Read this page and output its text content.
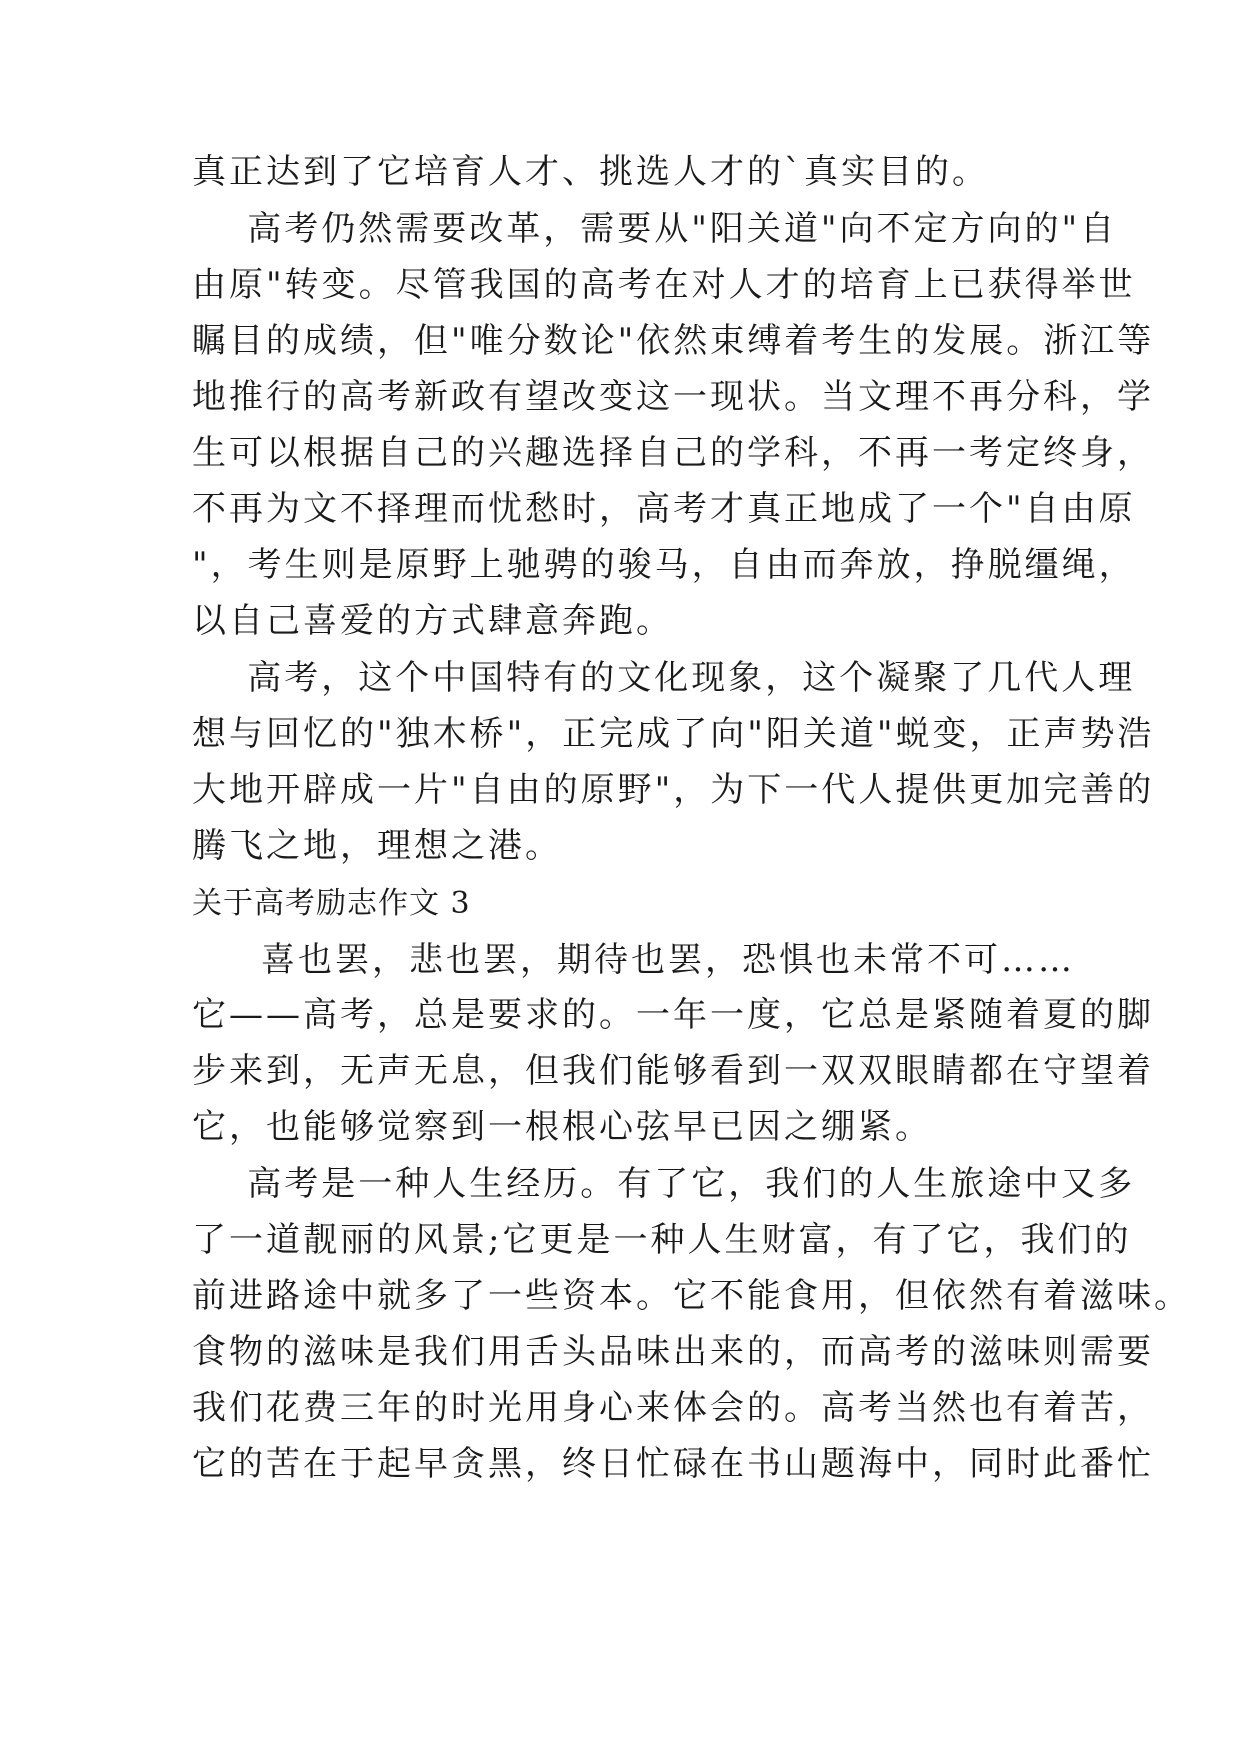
真正达到了它培育人才、挑选人才的`真实目的。
高考仍然需要改革，需要从"阳关道"向不定方向的"自
由原"转变。尽管我国的高考在对人才的培育上已获得举世
瞩目的成绩，但"唯分数论"依然束缚着考生的发展。浙江等
地推行的高考新政有望改变这一现状。当文理不再分科，学
生可以根据自己的兴趣选择自己的学科，不再一考定终身，
不再为文不择理而忧愁时，高考才真正地成了一个"自由原
"，考生则是原野上驰骋的骏马，自由而奔放，挣脱缰绳，
以自己喜爱的方式肆意奔跑。
高考，这个中国特有的文化现象，这个凝聚了几代人理
想与回忆的"独木桥"，正完成了向"阳关道"蜕变，正声势浩
大地开辟成一片"自由的原野"，为下一代人提供更加完善的
腾飞之地，理想之港。
关于高考励志作文 3
喜也罢，悲也罢，期待也罢，恐惧也未常不可……
它——高考，总是要求的。一年一度，它总是紧随着夏的脚
步来到，无声无息，但我们能够看到一双双眼睛都在守望着
它，也能够觉察到一根根心弦早已因之绷紧。
高考是一种人生经历。有了它，我们的人生旅途中又多
了一道靓丽的风景;它更是一种人生财富，有了它，我们的
前进路途中就多了一些资本。它不能食用，但依然有着滋味。
食物的滋味是我们用舌头品味出来的，而高考的滋味则需要
我们花费三年的时光用身心来体会的。高考当然也有着苦，
它的苦在于起早贪黑，终日忙碌在书山题海中，同时此番忙
